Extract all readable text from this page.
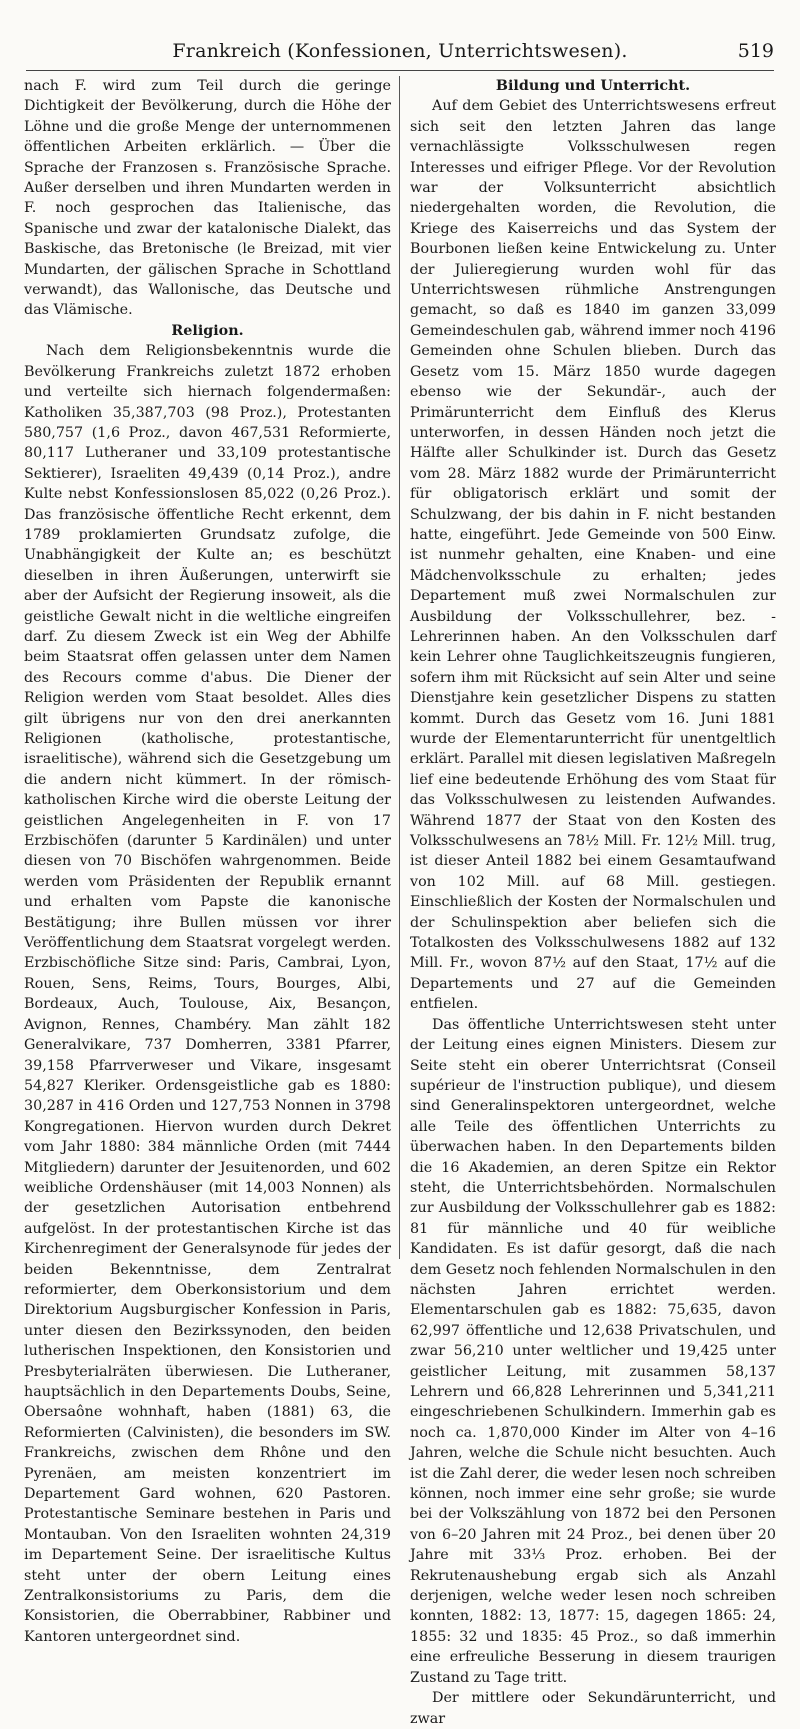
Frankreich (Konfessionen, Unterrichtswesen).	519

nach F. wird zum Teil durch die geringe Dichtigkeit der Bevölkerung, durch die Höhe der Löhne und die große Menge der unternommenen öffentlichen Arbeiten erklärlich. — Über die Sprache der Franzosen s. Französische Sprache. Außer derselben und ihren Mundarten werden in F. noch gesprochen das Italienische, das Spanische und zwar der katalonische Dialekt, das Baskische, das Bretonische (le Breizad, mit vier Mundarten, der gälischen Sprache in Schottland verwandt), das Wallonische, das Deutsche und das Vlämische.

Religion.

Nach dem Religionsbekenntnis wurde die Bevölkerung Frankreichs zuletzt 1872 erhoben und verteilte sich hiernach folgendermaßen: Katholiken 35,387,703 (98 Proz.), Protestanten 580,757 (1,6 Proz., davon 467,531 Reformierte, 80,117 Lutheraner und 33,109 protestantische Sektierer), Israeliten 49,439 (0,14 Proz.), andre Kulte nebst Konfessionslosen 85,022 (0,26 Proz.). Das französische öffentliche Recht erkennt, dem 1789 proklamierten Grundsatz zufolge, die Unabhängigkeit der Kulte an; es beschützt dieselben in ihren Äußerungen, unterwirft sie aber der Aufsicht der Regierung insoweit, als die geistliche Gewalt nicht in die weltliche eingreifen darf. Zu diesem Zweck ist ein Weg der Abhilfe beim Staatsrat offen gelassen unter dem Namen des Recours comme d'abus. Die Diener der Religion werden vom Staat besoldet. Alles dies gilt übrigens nur von den drei anerkannten Religionen (katholische, protestantische, israelitische), während sich die Gesetzgebung um die andern nicht kümmert. In der römisch-katholischen Kirche wird die oberste Leitung der geistlichen Angelegenheiten in F. von 17 Erzbischöfen (darunter 5 Kardinälen) und unter diesen von 70 Bischöfen wahrgenommen. Beide werden vom Präsidenten der Republik ernannt und erhalten vom Papste die kanonische Bestätigung; ihre Bullen müssen vor ihrer Veröffentlichung dem Staatsrat vorgelegt werden. Erzbischöfliche Sitze sind: Paris, Cambrai, Lyon, Rouen, Sens, Reims, Tours, Bourges, Albi, Bordeaux, Auch, Toulouse, Aix, Besançon, Avignon, Rennes, Chambéry. Man zählt 182 Generalvikare, 737 Domherren, 3381 Pfarrer, 39,158 Pfarrverweser und Vikare, insgesamt 54,827 Kleriker. Ordensgeistliche gab es 1880: 30,287 in 416 Orden und 127,753 Nonnen in 3798 Kongregationen. Hiervon wurden durch Dekret vom Jahr 1880: 384 männliche Orden (mit 7444 Mitgliedern) darunter der Jesuitenorden, und 602 weibliche Ordenshäuser (mit 14,003 Nonnen) als der gesetzlichen Autorisation entbehrend aufgelöst. In der protestantischen Kirche ist das Kirchenregiment der Generalsynode für jedes der beiden Bekenntnisse, dem Zentralrat reformierter, dem Oberkonsistorium und dem Direktorium Augsburgischer Konfession in Paris, unter diesen den Bezirkssynoden, den beiden lutherischen Inspektionen, den Konsistorien und Presbyterialräten überwiesen. Die Lutheraner, hauptsächlich in den Departements Doubs, Seine, Obersaône wohnhaft, haben (1881) 63, die Reformierten (Calvinisten), die besonders im SW. Frankreichs, zwischen dem Rhône und den Pyrenäen, am meisten konzentriert im Departement Gard wohnen, 620 Pastoren. Protestantische Seminare bestehen in Paris und Montauban. Von den Israeliten wohnten 24,319 im Departement Seine. Der israelitische Kultus steht unter der obern Leitung eines Zentralkonsistoriums zu Paris, dem die Konsistorien, die Oberrabbiner, Rabbiner und Kantoren untergeordnet sind.

Bildung und Unterricht.

Auf dem Gebiet des Unterrichtswesens erfreut sich seit den letzten Jahren das lange vernachlässigte Volksschulwesen regen Interesses und eifriger Pflege. Vor der Revolution war der Volksunterricht absichtlich niedergehalten worden, die Revolution, die Kriege des Kaiserreichs und das System der Bourbonen ließen keine Entwickelung zu. Unter der Julieregierung wurden wohl für das Unterrichtswesen rühmliche Anstrengungen gemacht, so daß es 1840 im ganzen 33,099 Gemeindeschulen gab, während immer noch 4196 Gemeinden ohne Schulen blieben. Durch das Gesetz vom 15. März 1850 wurde dagegen ebenso wie der Sekundär-, auch der Primärunterricht dem Einfluß des Klerus unterworfen, in dessen Händen noch jetzt die Hälfte aller Schulkinder ist. Durch das Gesetz vom 28. März 1882 wurde der Primärunterricht für obligatorisch erklärt und somit der Schulzwang, der bis dahin in F. nicht bestanden hatte, eingeführt. Jede Gemeinde von 500 Einw. ist nunmehr gehalten, eine Knaben- und eine Mädchenvolksschule zu erhalten; jedes Departement muß zwei Normalschulen zur Ausbildung der Volksschullehrer, bez. -Lehrerinnen haben. An den Volksschulen darf kein Lehrer ohne Tauglichkeitszeugnis fungieren, sofern ihm mit Rücksicht auf sein Alter und seine Dienstjahre kein gesetzlicher Dispens zu statten kommt. Durch das Gesetz vom 16. Juni 1881 wurde der Elementarunterricht für unentgeltlich erklärt. Parallel mit diesen legislativen Maßregeln lief eine bedeutende Erhöhung des vom Staat für das Volksschulwesen zu leistenden Aufwandes. Während 1877 der Staat von den Kosten des Volksschulwesens an 78½ Mill. Fr. 12½ Mill. trug, ist dieser Anteil 1882 bei einem Gesamtaufwand von 102 Mill. auf 68 Mill. gestiegen. Einschließlich der Kosten der Normalschulen und der Schulinspektion aber beliefen sich die Totalkosten des Volksschulwesens 1882 auf 132 Mill. Fr., wovon 87½ auf den Staat, 17½ auf die Departements und 27 auf die Gemeinden entfielen.

Das öffentliche Unterrichtswesen steht unter der Leitung eines eignen Ministers. Diesem zur Seite steht ein oberer Unterrichtsrat (Conseil supérieur de l'instruction publique), und diesem sind Generalinspektoren untergeordnet, welche alle Teile des öffentlichen Unterrichts zu überwachen haben. In den Departements bilden die 16 Akademien, an deren Spitze ein Rektor steht, die Unterrichtsbehörden. Normalschulen zur Ausbildung der Volksschullehrer gab es 1882: 81 für männliche und 40 für weibliche Kandidaten. Es ist dafür gesorgt, daß die nach dem Gesetz noch fehlenden Normalschulen in den nächsten Jahren errichtet werden. Elementarschulen gab es 1882: 75,635, davon 62,997 öffentliche und 12,638 Privatschulen, und zwar 56,210 unter weltlicher und 19,425 unter geistlicher Leitung, mit zusammen 58,137 Lehrern und 66,828 Lehrerinnen und 5,341,211 eingeschriebenen Schulkindern. Immerhin gab es noch ca. 1,870,000 Kinder im Alter von 4–16 Jahren, welche die Schule nicht besuchten. Auch ist die Zahl derer, die weder lesen noch schreiben können, noch immer eine sehr große; sie wurde bei der Volkszählung von 1872 bei den Personen von 6–20 Jahren mit 24 Proz., bei denen über 20 Jahre mit 33⅓ Proz. erhoben. Bei der Rekrutenaushebung ergab sich als Anzahl derjenigen, welche weder lesen noch schreiben konnten, 1882: 13, 1877: 15, dagegen 1865: 24, 1855: 32 und 1835: 45 Proz., so daß immerhin eine erfreuliche Besserung in diesem traurigen Zustand zu Tage tritt.

Der mittlere oder Sekundärunterricht, und zwar
